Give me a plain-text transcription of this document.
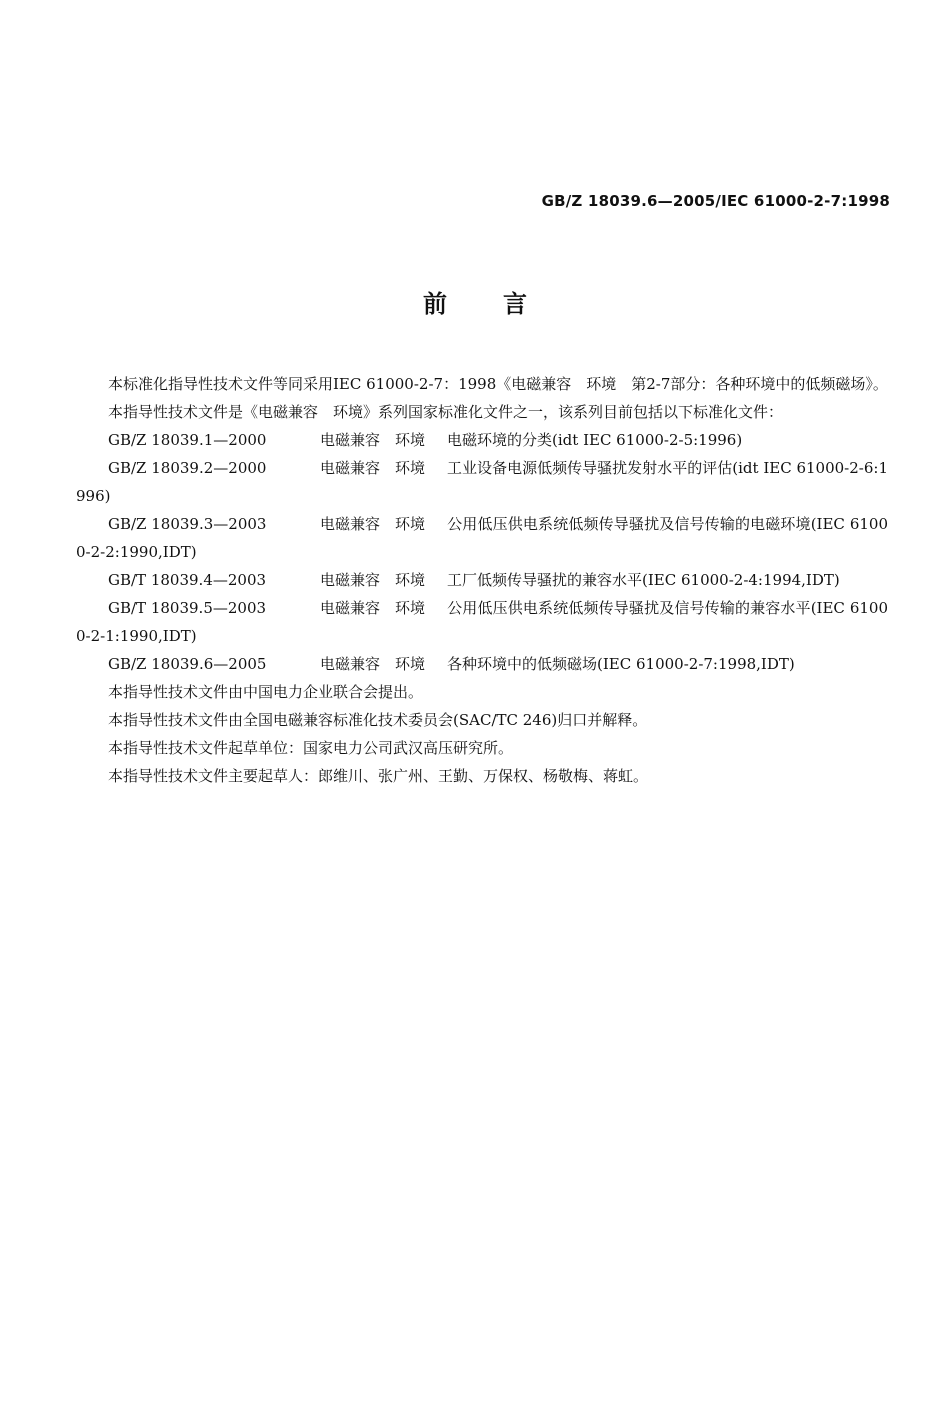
GB/Z 18039.6—2005/IEC 61000-2-7:1998
前 言

本标准化指导性技术文件等同采用IEC 61000-2-7：1998《电磁兼容　环境　第2-7部分：各种环境中的低频磁场》。

本指导性技术文件是《电磁兼容　环境》系列国家标准化文件之一，该系列目前包括以下标准化文件：

GB/Z 18039.1—2000	电磁兼容　环境 电磁环境的分类(idt IEC 61000-2-5:1996)

GB/Z 18039.2—2000	电磁兼容　环境 工业设备电源低频传导骚扰发射水平的评估(idt IEC 61000-2-6:1996)

GB/Z 18039.3—2003	电磁兼容　环境 公用低压供电系统低频传导骚扰及信号传输的电磁环境(IEC 61000-2-2:1990,IDT)

GB/T 18039.4—2003	电磁兼容　环境 工厂低频传导骚扰的兼容水平(IEC 61000-2-4:1994,IDT)

GB/T 18039.5—2003	电磁兼容　环境 公用低压供电系统低频传导骚扰及信号传输的兼容水平(IEC 61000-2-1:1990,IDT)

GB/Z 18039.6—2005	电磁兼容　环境 各种环境中的低频磁场(IEC 61000-2-7:1998,IDT)

本指导性技术文件由中国电力企业联合会提出。

本指导性技术文件由全国电磁兼容标准化技术委员会(SAC/TC 246)归口并解释。

本指导性技术文件起草单位：国家电力公司武汉高压研究所。

本指导性技术文件主要起草人：郎维川、张广州、王勤、万保权、杨敬梅、蒋虹。
